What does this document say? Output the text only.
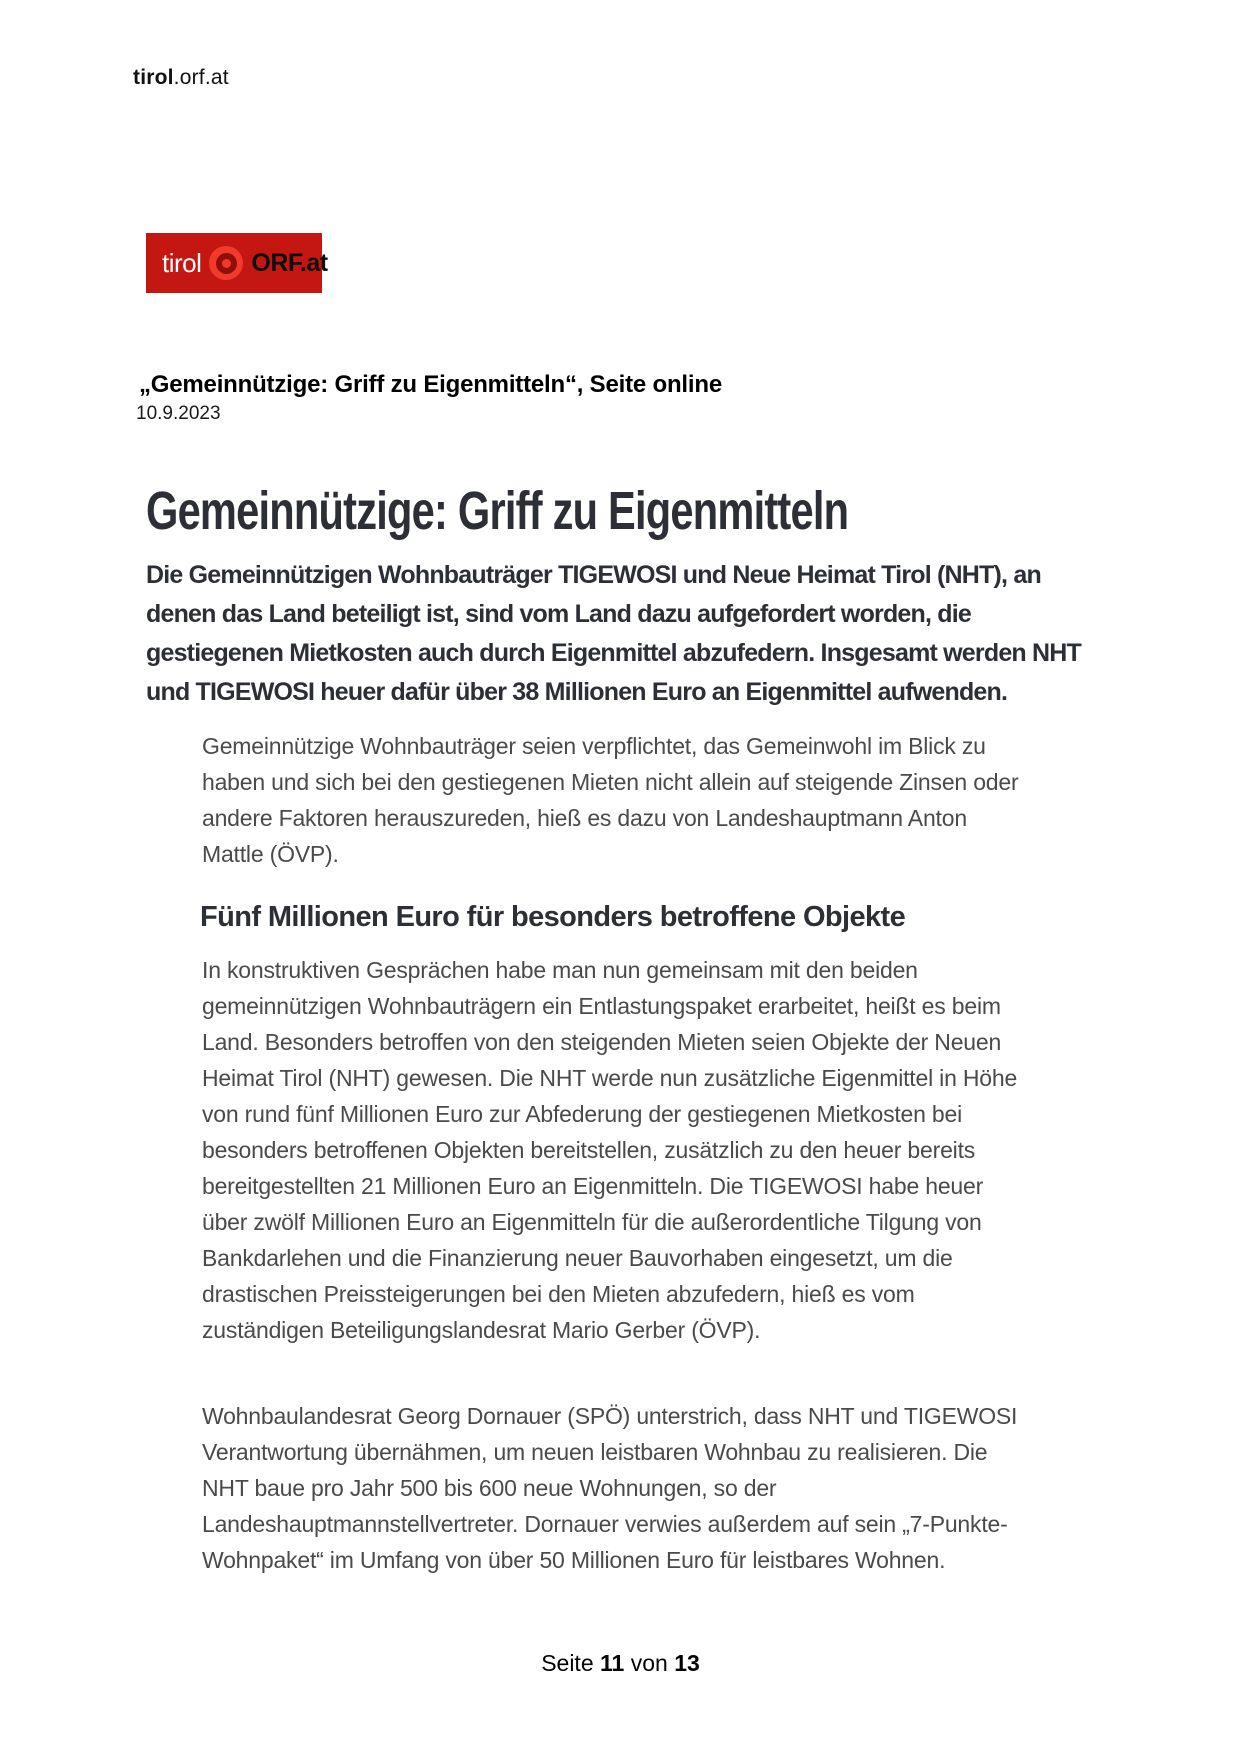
tirol.orf.at
tirol ORF.at
„Gemeinnützige: Griff zu Eigenmitteln“, Seite online
10.9.2023
Gemeinnützige: Griff zu Eigenmitteln

Die Gemeinnützigen Wohnbauträger TIGEWOSI und Neue Heimat Tirol (NHT), an denen das Land beteiligt ist, sind vom Land dazu aufgefordert worden, die gestiegenen Mietkosten auch durch Eigenmittel abzufedern. Insgesamt werden NHT und TIGEWOSI heuer dafür über 38 Millionen Euro an Eigenmittel aufwenden.

Gemeinnützige Wohnbauträger seien verpflichtet, das Gemeinwohl im Blick zu haben und sich bei den gestiegenen Mieten nicht allein auf steigende Zinsen oder andere Faktoren herauszureden, hieß es dazu von Landeshauptmann Anton Mattle (ÖVP).

Fünf Millionen Euro für besonders betroffene Objekte

In konstruktiven Gesprächen habe man nun gemeinsam mit den beiden gemeinnützigen Wohnbauträgern ein Entlastungspaket erarbeitet, heißt es beim Land. Besonders betroffen von den steigenden Mieten seien Objekte der Neuen Heimat Tirol (NHT) gewesen. Die NHT werde nun zusätzliche Eigenmittel in Höhe von rund fünf Millionen Euro zur Abfederung der gestiegenen Mietkosten bei besonders betroffenen Objekten bereitstellen, zusätzlich zu den heuer bereits bereitgestellten 21 Millionen Euro an Eigenmitteln. Die TIGEWOSI habe heuer über zwölf Millionen Euro an Eigenmitteln für die außerordentliche Tilgung von Bankdarlehen und die Finanzierung neuer Bauvorhaben eingesetzt, um die drastischen Preissteigerungen bei den Mieten abzufedern, hieß es vom zuständigen Beteiligungslandesrat Mario Gerber (ÖVP).

Wohnbaulandesrat Georg Dornauer (SPÖ) unterstrich, dass NHT und TIGEWOSI Verantwortung übernähmen, um neuen leistbaren Wohnbau zu realisieren. Die NHT baue pro Jahr 500 bis 600 neue Wohnungen, so der Landeshauptmannstellvertreter. Dornauer verwies außerdem auf sein „7-Punkte-Wohnpaket“ im Umfang von über 50 Millionen Euro für leistbares Wohnen.

Seite 11 von 13
